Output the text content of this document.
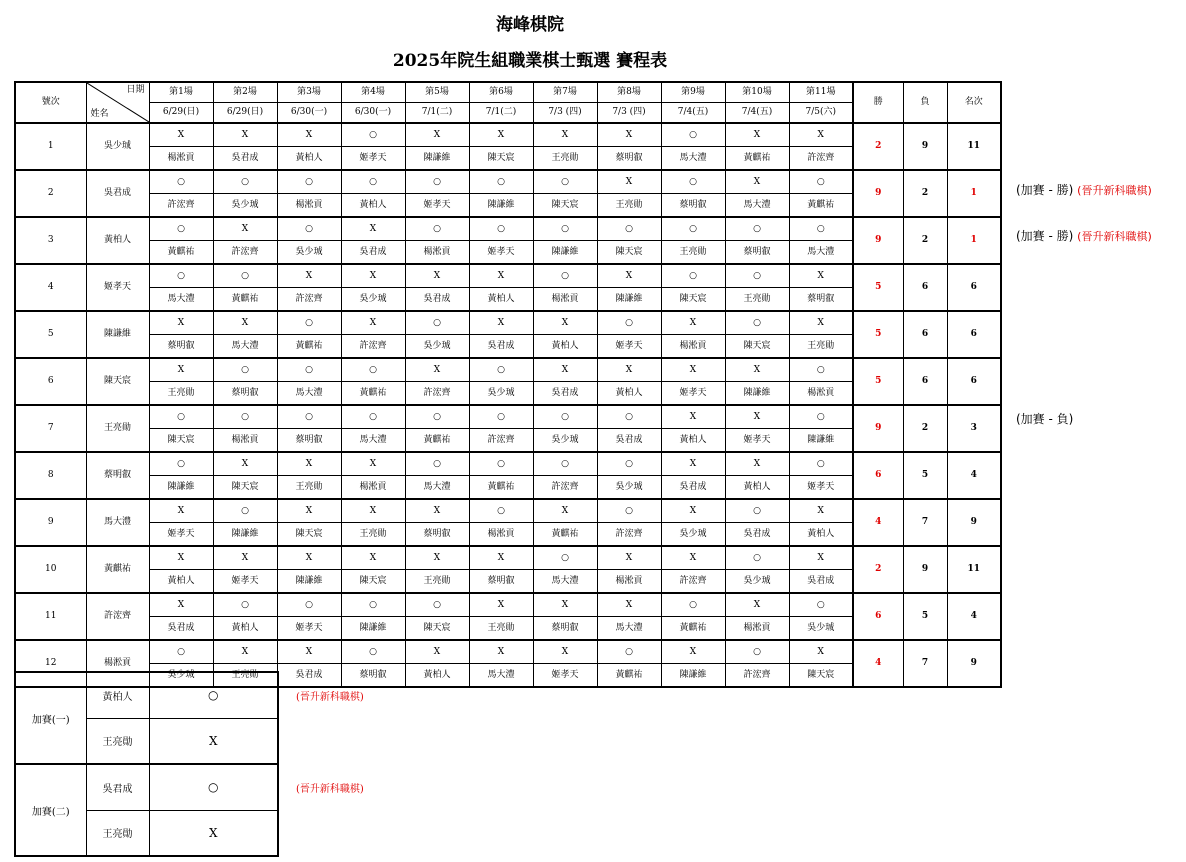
海峰棋院
2025年院生組職業棋士甄選 賽程表
號次	日期
姓名	第1場	第2場	第3場	第4場	第5場	第6場	第7場	第8場	第9場	第10場	第11場	勝	負	名次
		6/29(日)	6/29(日)	6/30(一)	6/30(一)	7/1(二)	7/1(二)	7/3 (四)	7/3 (四)	7/4(五)	7/4(五)	7/5(六)			
1	吳少珹	X	X	X	○	X	X	X	X	○	X	X	2	9	11
		楊淞貢	吳君成	黃柏人	姬孝天	陳謙維	陳天宸	王亮勛	蔡明叡	馬大澧	黃麒祐	許浤齊			
2	吳君成	○	○	○	○	○	○	○	X	○	X	○	9	2	1
		許浤齊	吳少珹	楊淞貢	黃柏人	姬孝天	陳謙維	陳天宸	王亮勛	蔡明叡	馬大澧	黃麒祐			
3	黃柏人	○	X	○	X	○	○	○	○	○	○	○	9	2	1
		黃麒祐	許浤齊	吳少珹	吳君成	楊淞貢	姬孝天	陳謙維	陳天宸	王亮勛	蔡明叡	馬大澧			
4	姬孝天	○	○	X	X	X	X	○	X	○	○	X	5	6	6
		馬大澧	黃麒祐	許浤齊	吳少珹	吳君成	黃柏人	楊淞貢	陳謙維	陳天宸	王亮勛	蔡明叡			
5	陳謙維	X	X	○	X	○	X	X	○	X	○	X	5	6	6
		蔡明叡	馬大澧	黃麒祐	許浤齊	吳少珹	吳君成	黃柏人	姬孝天	楊淞貢	陳天宸	王亮勛			
6	陳天宸	X	○	○	○	X	○	X	X	X	X	○	5	6	6
		王亮勛	蔡明叡	馬大澧	黃麒祐	許浤齊	吳少珹	吳君成	黃柏人	姬孝天	陳謙維	楊淞貢			
7	王亮勛	○	○	○	○	○	○	○	○	X	X	○	9	2	3
		陳天宸	楊淞貢	蔡明叡	馬大澧	黃麒祐	許浤齊	吳少珹	吳君成	黃柏人	姬孝天	陳謙維			
8	蔡明叡	○	X	X	X	○	○	○	○	X	X	○	6	5	4
		陳謙維	陳天宸	王亮勛	楊淞貢	馬大澧	黃麒祐	許浤齊	吳少珹	吳君成	黃柏人	姬孝天			
9	馬大澧	X	○	X	X	X	○	X	○	X	○	X	4	7	9
		姬孝天	陳謙維	陳天宸	王亮勛	蔡明叡	楊淞貢	黃麒祐	許浤齊	吳少珹	吳君成	黃柏人			
10	黃麒祐	X	X	X	X	X	X	○	X	X	○	X	2	9	11
		黃柏人	姬孝天	陳謙維	陳天宸	王亮勛	蔡明叡	馬大澧	楊淞貢	許浤齊	吳少珹	吳君成			
11	許浤齊	X	○	○	○	○	X	X	X	○	X	○	6	5	4
		吳君成	黃柏人	姬孝天	陳謙維	陳天宸	王亮勛	蔡明叡	馬大澧	黃麒祐	楊淞貢	吳少珹			
12	楊淞貢	○	X	X	○	X	X	X	○	X	○	X	4	7	9
		吳少珹	王亮勛	吳君成	蔡明叡	黃柏人	馬大澧	姬孝天	黃麒祐	陳謙維	許浤齊	陳天宸			
(加賽 - 勝) (晉升新科職棋)
(加賽 - 勝) (晉升新科職棋)
(加賽 - 負)
加賽(一)	黃柏人	○
	王亮勛	X
加賽(二)	吳君成	○
	王亮勛	X
(晉升新科職棋)
(晉升新科職棋)
